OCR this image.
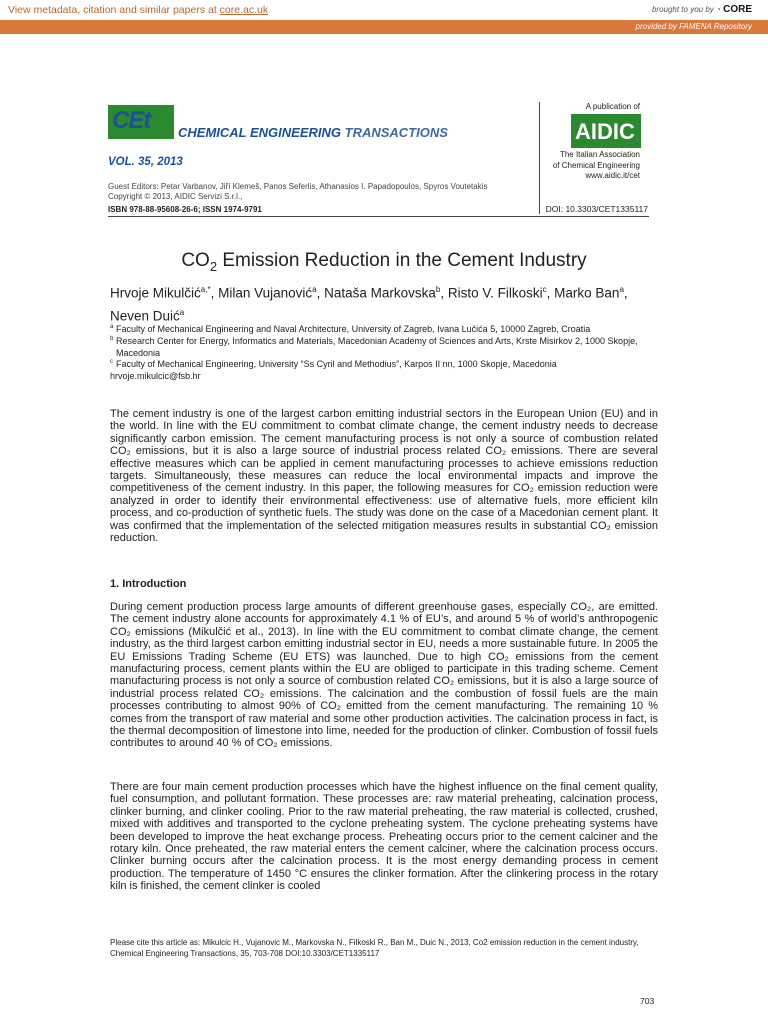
View metadata, citation and similar papers at core.ac.uk	brought to you by ◔ CORE
provided by FAMENA Repository
CEt CHEMICAL ENGINEERING TRANSACTIONS
VOL. 35, 2013
Guest Editors: Petar Varbanov, Jiří Klemeš, Panos Seferlis, Athanasios I. Papadopoulos, Spyros Voutetakis
Copyright © 2013, AIDIC Servizi S.r.l.,
ISBN 978-88-95608-26-6; ISSN 1974-9791	DOI: 10.3303/CET1335117
A publication of
AIDIC
The Italian Association
of Chemical Engineering
www.aidic.it/cet
$CO_2$ Emission Reduction in the Cement Industry
Hrvoje Mikulčić$^{a,*}$, Milan Vujanović$^a$, Nataša Markovska$^b$, Risto V. Filkoski$^c$, Marko Ban$^a$, Neven Duić$^a$
a Faculty of Mechanical Engineering and Naval Architecture, University of Zagreb, Ivana Lučića 5, 10000 Zagreb, Croatia
b Research Center for Energy, Informatics and Materials, Macedonian Academy of Sciences and Arts, Krste Misirkov 2, 1000 Skopje, Macedonia
c Faculty of Mechanical Engineering, University “Ss Cyril and Methodius”, Karpos II nn, 1000 Skopje, Macedonia
hrvoje.mikulcic@fsb.hr
The cement industry is one of the largest carbon emitting industrial sectors in the European Union (EU) and in the world. In line with the EU commitment to combat climate change, the cement industry needs to decrease significantly carbon emission. The cement manufacturing process is not only a source of combustion related CO₂ emissions, but it is also a large source of industrial process related CO₂ emissions. There are several effective measures which can be applied in cement manufacturing processes to achieve emissions reduction targets. Simultaneously, these measures can reduce the local environmental impacts and improve the competitiveness of the cement industry. In this paper, the following measures for CO₂ emission reduction were analyzed in order to identify their environmental effectiveness: use of alternative fuels, more efficient kiln process, and co-production of synthetic fuels. The study was done on the case of a Macedonian cement plant. It was confirmed that the implementation of the selected mitigation measures results in substantial CO₂ emission reduction.
1. Introduction
During cement production process large amounts of different greenhouse gases, especially CO₂, are emitted. The cement industry alone accounts for approximately 4.1 % of EU’s, and around 5 % of world’s anthropogenic CO₂ emissions (Mikulčić et al., 2013). In line with the EU commitment to combat climate change, the cement industry, as the third largest carbon emitting industrial sector in EU, needs a more sustainable future. In 2005 the EU Emissions Trading Scheme (EU ETS) was launched. Due to high CO₂ emissions from the cement manufacturing process, cement plants within the EU are obliged to participate in this trading scheme. Cement manufacturing process is not only a source of combustion related CO₂ emissions, but it is also a large source of industrial process related CO₂ emissions. The calcination and the combustion of fossil fuels are the main processes contributing to almost 90% of CO₂ emitted from the cement manufacturing. The remaining 10 % comes from the transport of raw material and some other production activities. The calcination process in fact, is the thermal decomposition of limestone into lime, needed for the production of clinker. Combustion of fossil fuels contributes to around 40 % of CO₂ emissions.
There are four main cement production processes which have the highest influence on the final cement quality, fuel consumption, and pollutant formation. These processes are: raw material preheating, calcination process, clinker burning, and clinker cooling. Prior to the raw material preheating, the raw material is collected, crushed, mixed with additives and transported to the cyclone preheating system. The cyclone preheating systems have been developed to improve the heat exchange process. Preheating occurs prior to the cement calciner and the rotary kiln. Once preheated, the raw material enters the cement calciner, where the calcination process occurs. Clinker burning occurs after the calcination process. It is the most energy demanding process in cement production. The temperature of 1450 °C ensures the clinker formation. After the clinkering process in the rotary kiln is finished, the cement clinker is cooled
Please cite this article as: Mikulcic H., Vujanovic M., Markovska N., Filkoski R., Ban M., Duic N., 2013, Co2 emission reduction in the cement industry, Chemical Engineering Transactions, 35, 703-708 DOI:10.3303/CET1335117
703
